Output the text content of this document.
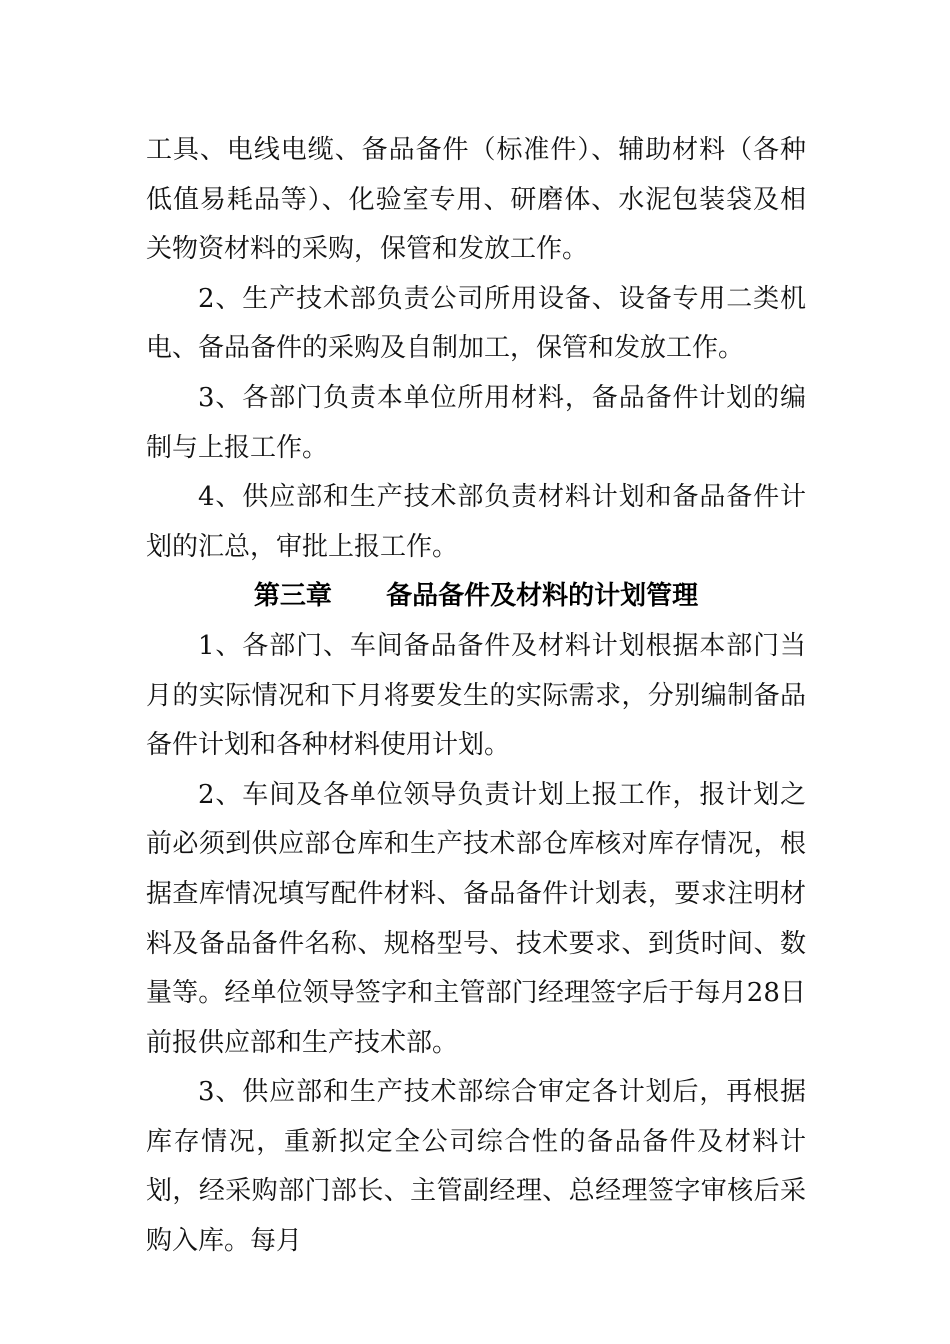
工具、电线电缆、备品备件（标准件）、辅助材料（各种低值易耗品等）、化验室专用、研磨体、水泥包装袋及相关物资材料的采购，保管和发放工作。

2、生产技术部负责公司所用设备、设备专用二类机电、备品备件的采购及自制加工，保管和发放工作。

3、各部门负责本单位所用材料，备品备件计划的编制与上报工作。

4、供应部和生产技术部负责材料计划和备品备件计划的汇总，审批上报工作。

第三章      备品备件及材料的计划管理

1、各部门、车间备品备件及材料计划根据本部门当月的实际情况和下月将要发生的实际需求，分别编制备品备件计划和各种材料使用计划。

2、车间及各单位领导负责计划上报工作，报计划之前必须到供应部仓库和生产技术部仓库核对库存情况，根据查库情况填写配件材料、备品备件计划表，要求注明材料及备品备件名称、规格型号、技术要求、到货时间、数量等。经单位领导签字和主管部门经理签字后于每月28日前报供应部和生产技术部。

3、供应部和生产技术部综合审定各计划后，再根据库存情况，重新拟定全公司综合性的备品备件及材料计划，经采购部门部长、主管副经理、总经理签字审核后采购入库。每月
